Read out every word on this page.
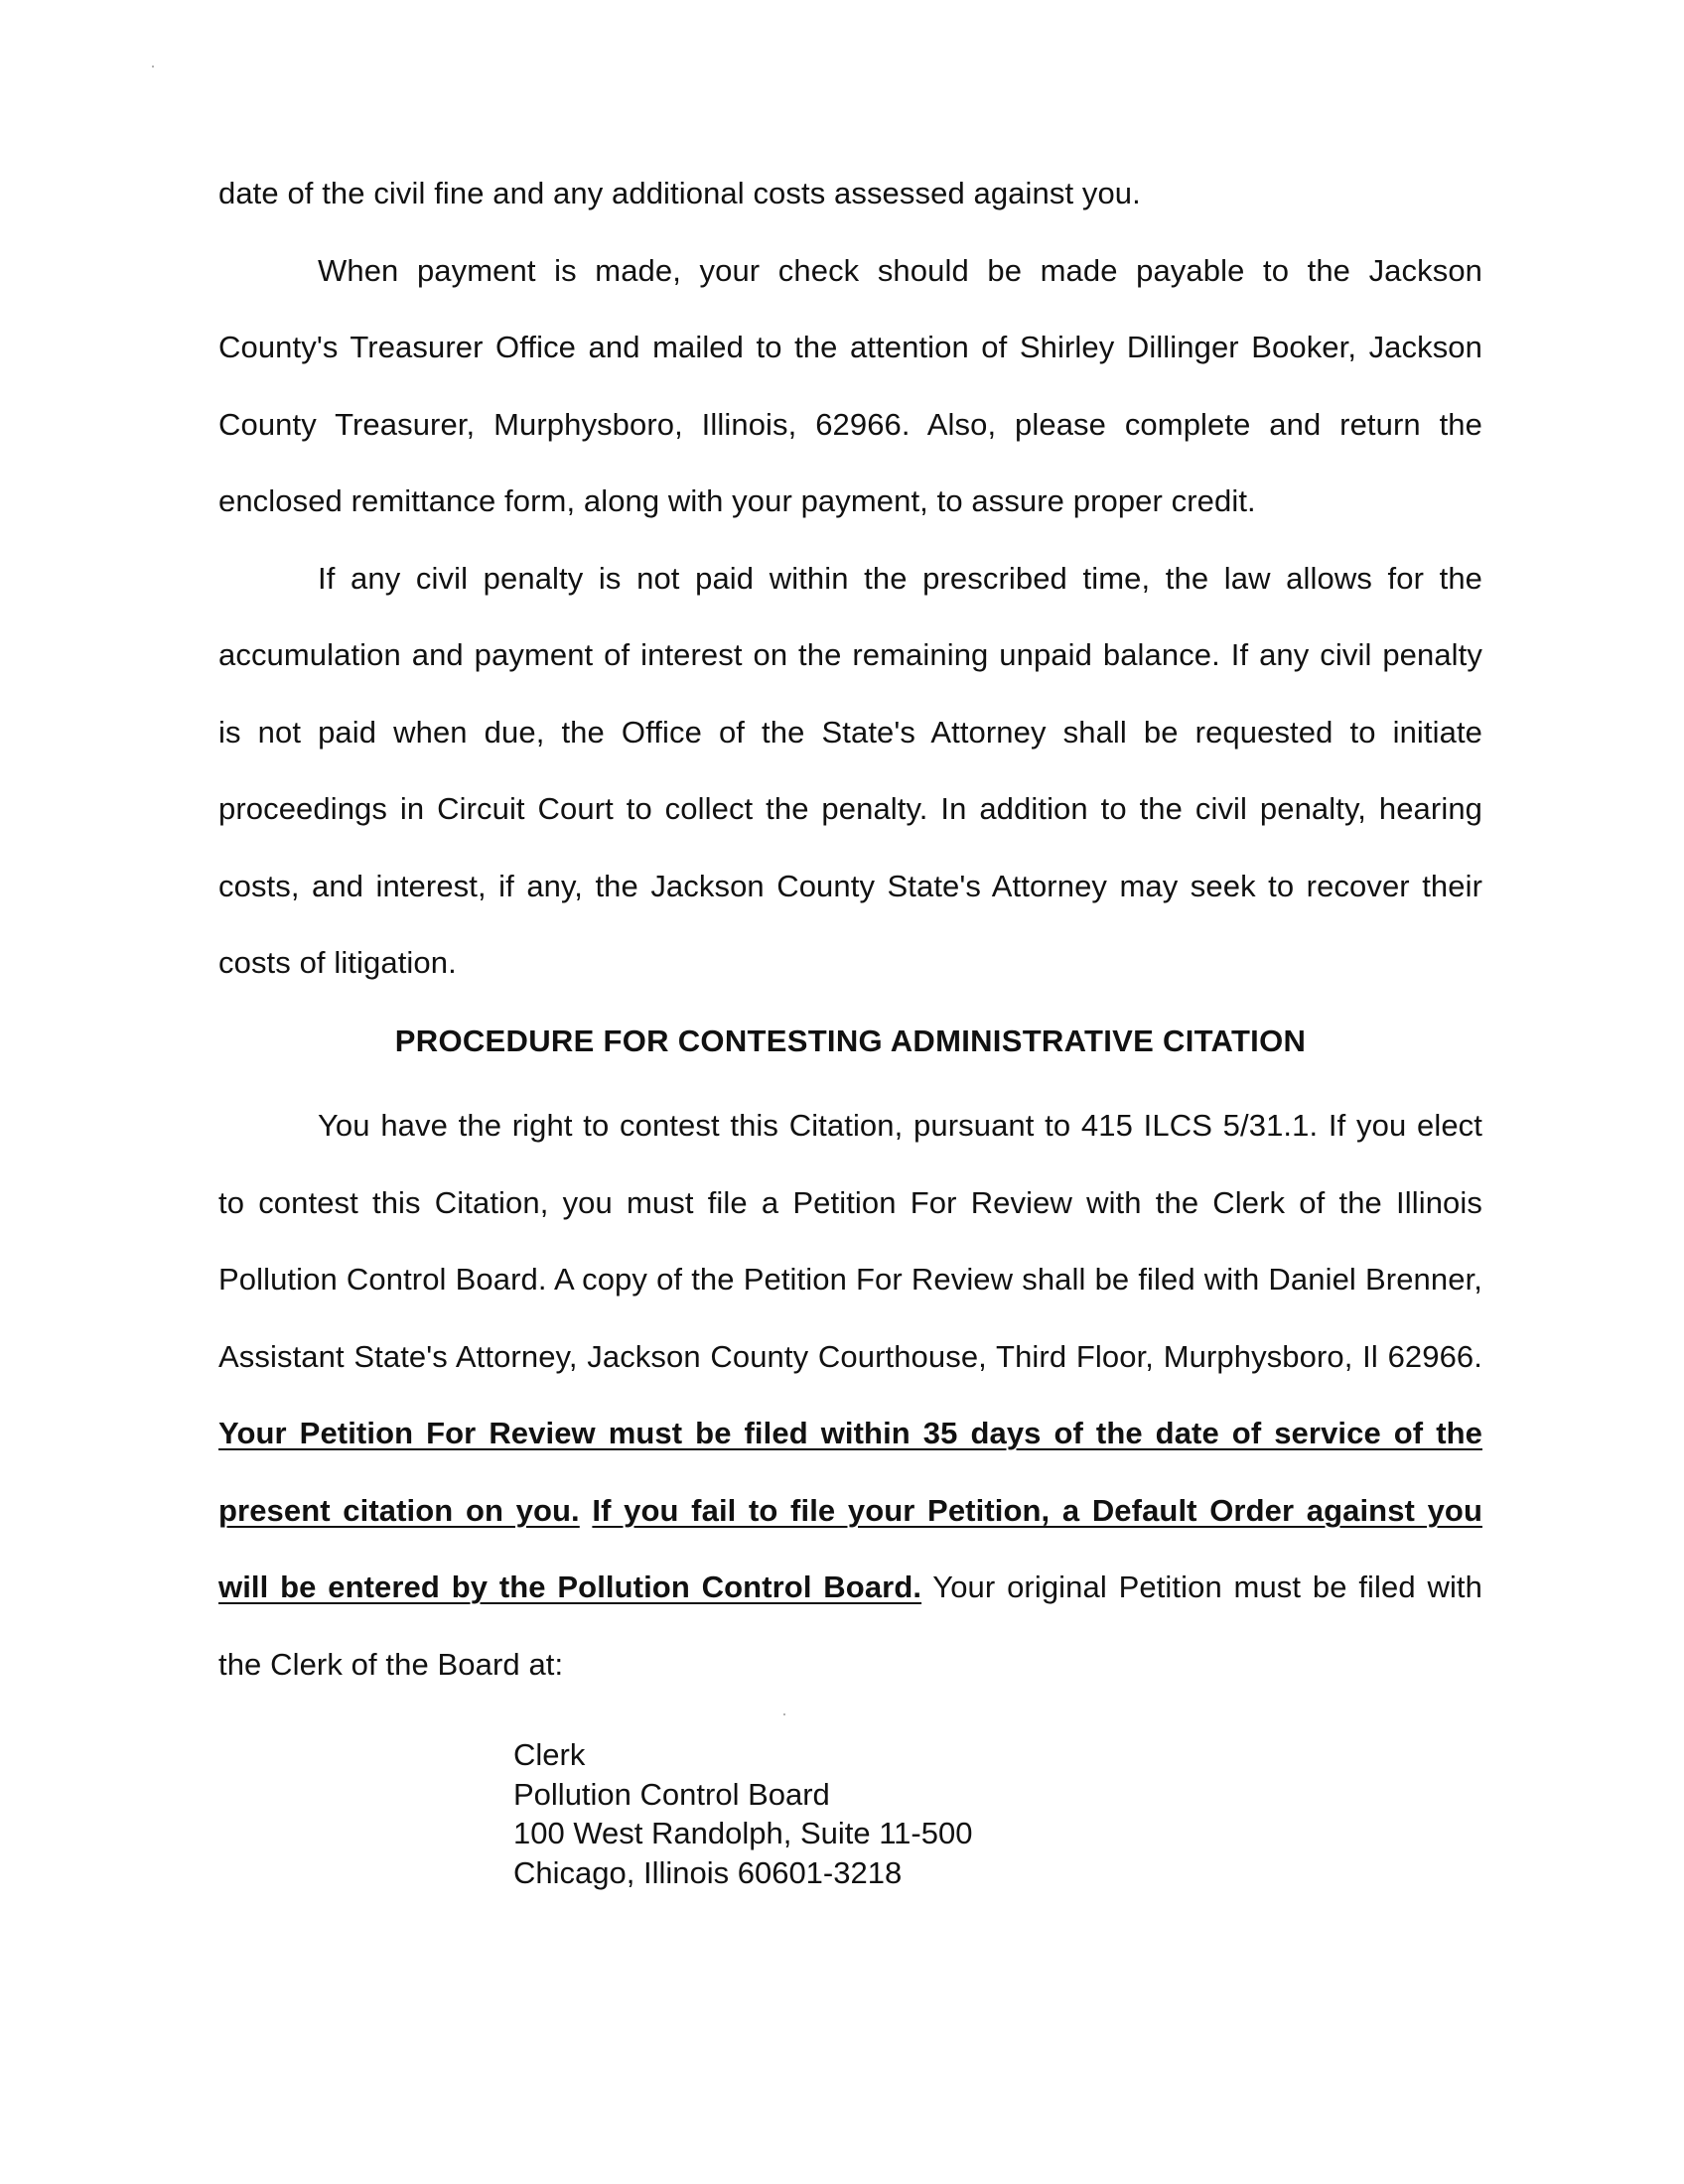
date of the civil fine and any additional costs assessed against you.

When payment is made, your check should be made payable to the Jackson County's Treasurer Office and mailed to the attention of Shirley Dillinger Booker, Jackson County Treasurer, Murphysboro, Illinois, 62966. Also, please complete and return the enclosed remittance form, along with your payment, to assure proper credit.

If any civil penalty is not paid within the prescribed time, the law allows for the accumulation and payment of interest on the remaining unpaid balance. If any civil penalty is not paid when due, the Office of the State's Attorney shall be requested to initiate proceedings in Circuit Court to collect the penalty. In addition to the civil penalty, hearing costs, and interest, if any, the Jackson County State's Attorney may seek to recover their costs of litigation.

PROCEDURE FOR CONTESTING ADMINISTRATIVE CITATION

You have the right to contest this Citation, pursuant to 415 ILCS 5/31.1. If you elect to contest this Citation, you must file a Petition For Review with the Clerk of the Illinois Pollution Control Board. A copy of the Petition For Review shall be filed with Daniel Brenner, Assistant State's Attorney, Jackson County Courthouse, Third Floor, Murphysboro, Il 62966. Your Petition For Review must be filed within 35 days of the date of service of the present citation on you. If you fail to file your Petition, a Default Order against you will be entered by the Pollution Control Board. Your original Petition must be filed with the Clerk of the Board at:

Clerk
Pollution Control Board
100 West Randolph, Suite 11-500
Chicago, Illinois 60601-3218
